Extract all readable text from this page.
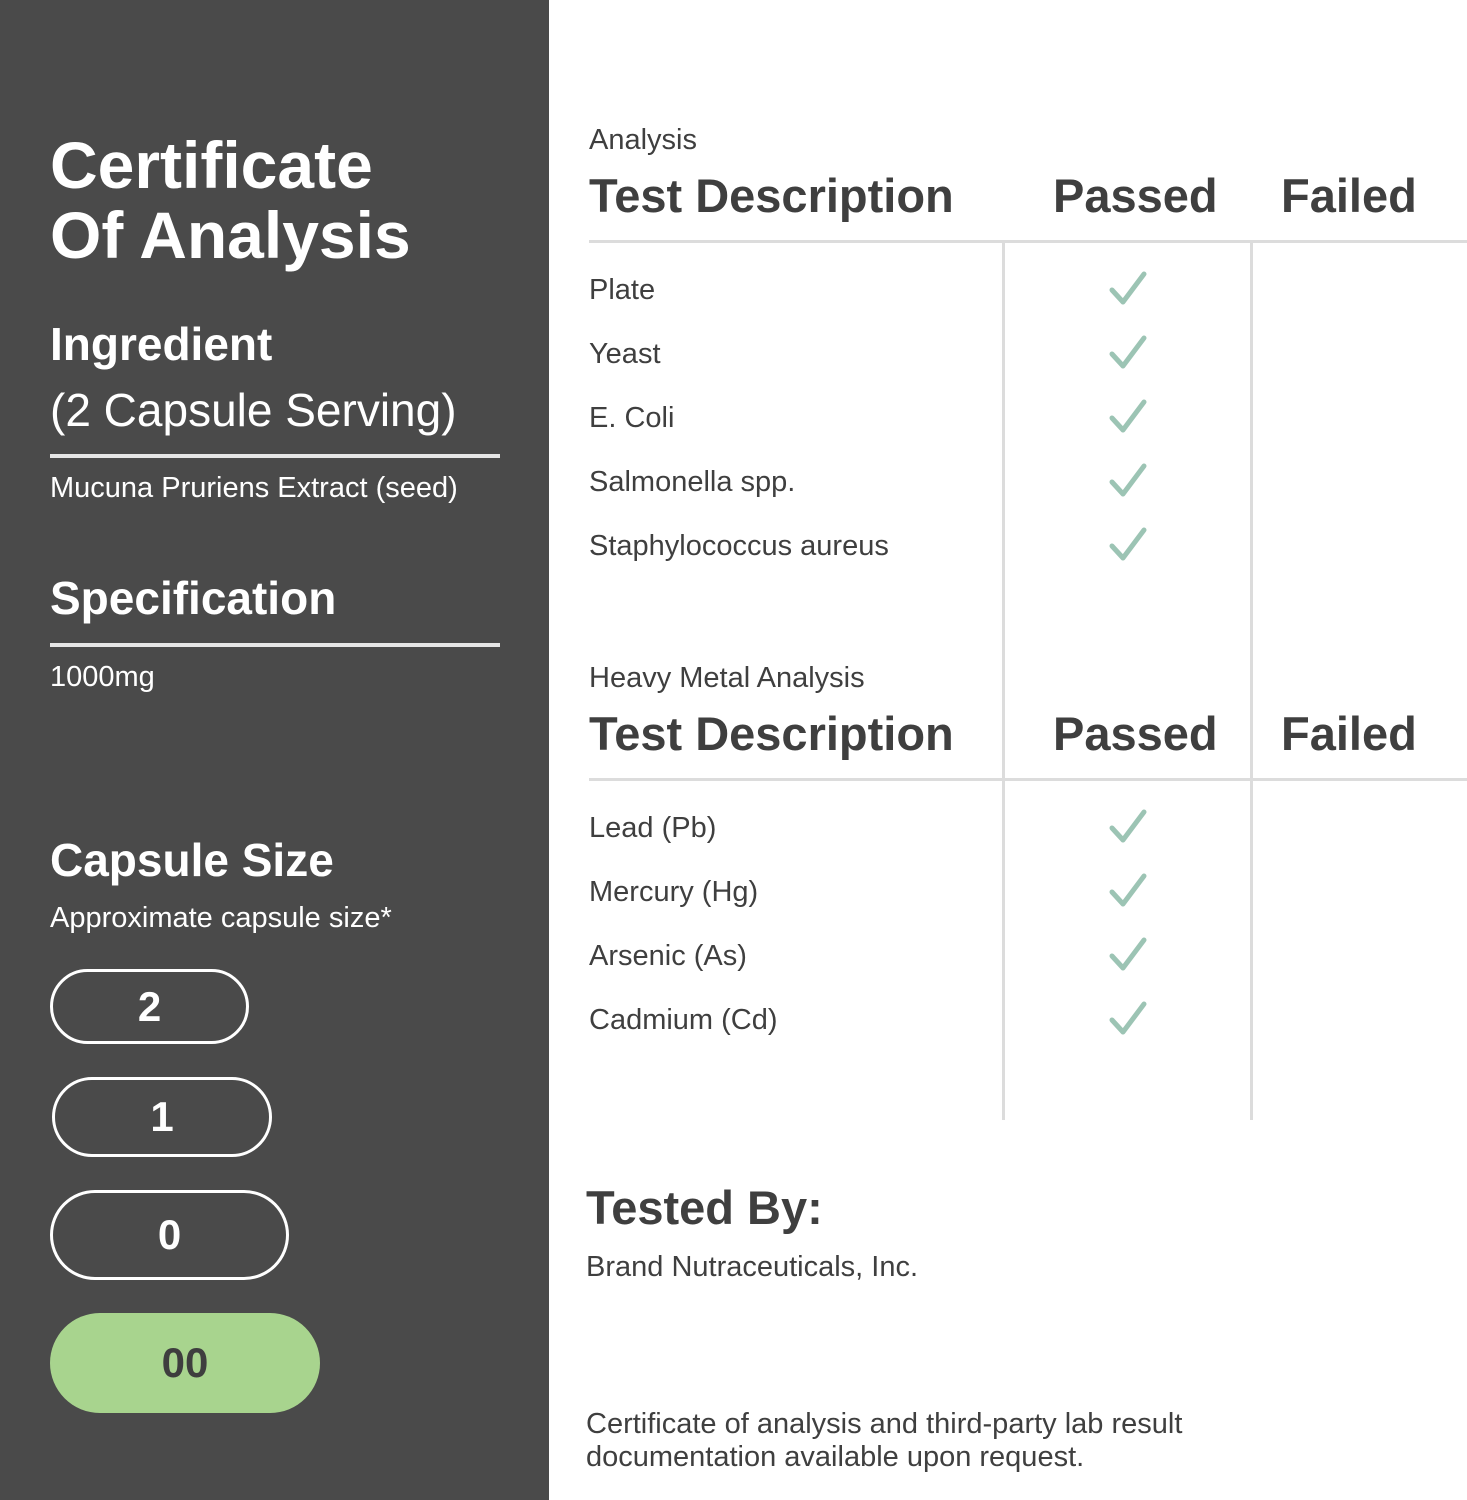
Certificate
Of Analysis
Ingredient
(2 Capsule Serving)
Mucuna Pruriens Extract (seed)
Specification
1000mg
Capsule Size
Approximate capsule size*
2
1
0
00
Analysis
Test Description Passed Failed
Plate
Yeast
E. Coli
Salmonella spp.
Staphylococcus aureus
Heavy Metal Analysis
Test Description Passed Failed
Lead (Pb)
Mercury (Hg)
Arsenic (As)
Cadmium (Cd)
Tested By:
Brand Nutraceuticals, Inc.
Certificate of analysis and third-party lab result documentation available upon request.
